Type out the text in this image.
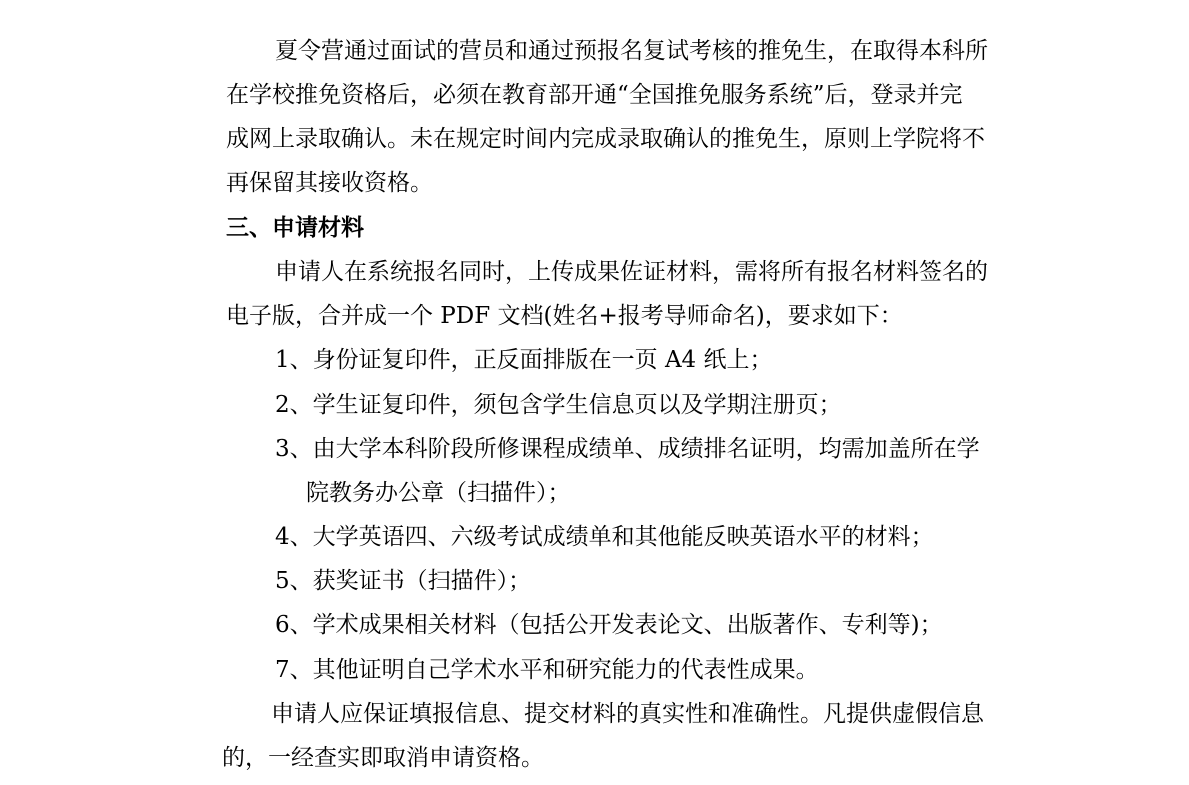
夏令营通过面试的营员和通过预报名复试考核的推免生，在取得本科所
在学校推免资格后，必须在教育部开通“全国推免服务系统”后，登录并完
成网上录取确认。未在规定时间内完成录取确认的推免生，原则上学院将不
再保留其接收资格。
三、申请材料
申请人在系统报名同时，上传成果佐证材料，需将所有报名材料签名的
电子版，合并成一个 PDF 文档(姓名+报考导师命名)，要求如下：
1、身份证复印件，正反面排版在一页 A4 纸上；
2、学生证复印件，须包含学生信息页以及学期注册页；
3、由大学本科阶段所修课程成绩单、成绩排名证明，均需加盖所在学
院教务办公章（扫描件）；
4、大学英语四、六级考试成绩单和其他能反映英语水平的材料；
5、获奖证书（扫描件）；
6、学术成果相关材料（包括公开发表论文、出版著作、专利等)；
7、其他证明自己学术水平和研究能力的代表性成果。
申请人应保证填报信息、提交材料的真实性和准确性。凡提供虚假信息
的，一经查实即取消申请资格。
